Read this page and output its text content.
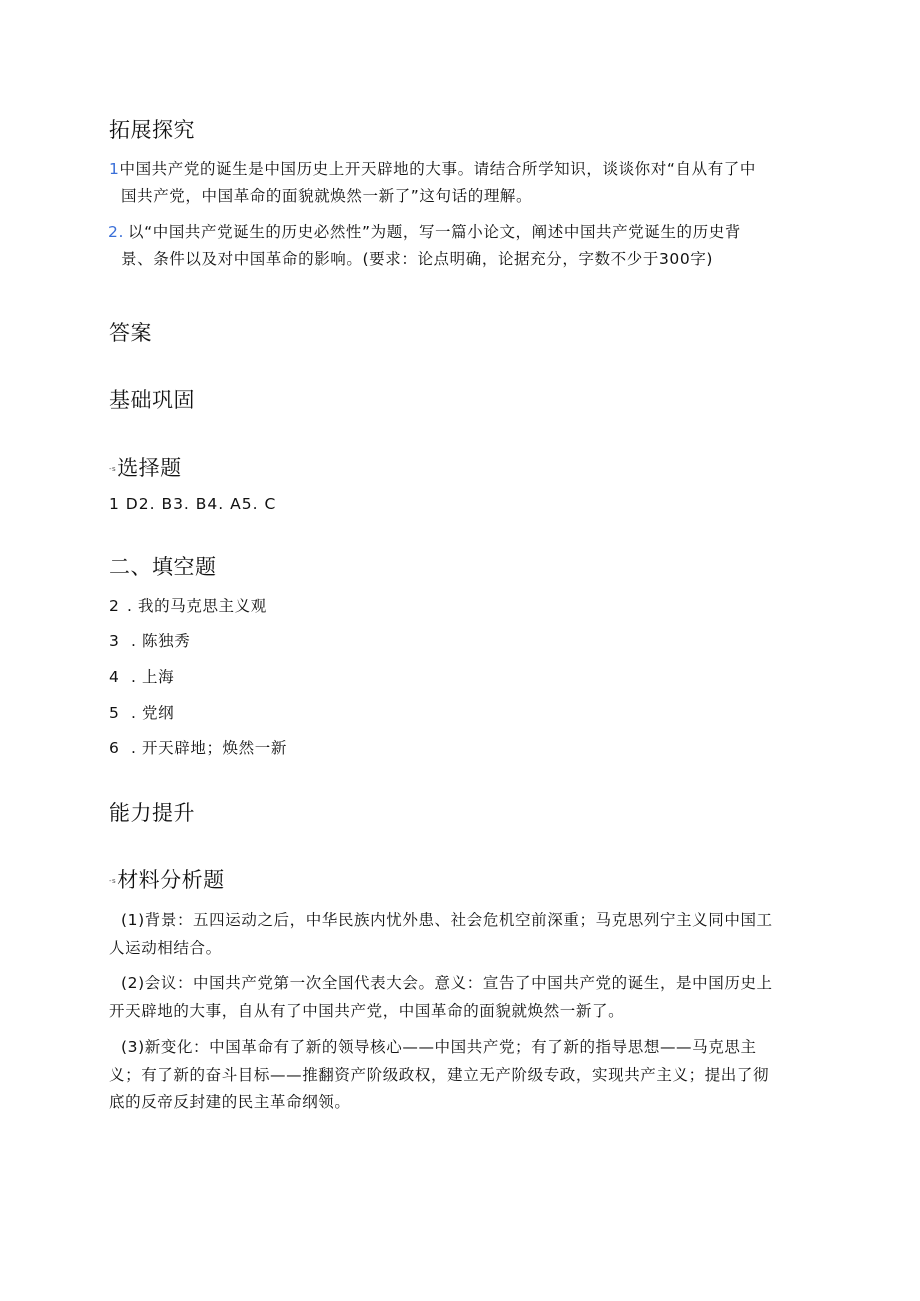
拓展探究
1中国共产党的诞生是中国历史上开天辟地的大事。请结合所学知识，谈谈你对“自从有了中
国共产党，中国革命的面貌就焕然一新了”这句话的理解。
2. 以“中国共产党诞生的历史必然性”为题，写一篇小论文，阐述中国共产党诞生的历史背
景、条件以及对中国革命的影响。(要求：论点明确，论据充分，字数不少于300字)
答案
基础巩固
-s选择题
1 D2. B3. B4. A5. C
二、填空题
2 . 我的马克思主义观
3 . 陈独秀
4 . 上海
5 . 党纲
6 . 开天辟地；焕然一新
能力提升
-s材料分析题
(1)背景：五四运动之后，中华民族内忧外患、社会危机空前深重；马克思列宁主义同中国工
人运动相结合。
(2)会议：中国共产党第一次全国代表大会。意义：宣告了中国共产党的诞生，是中国历史上
开天辟地的大事，自从有了中国共产党，中国革命的面貌就焕然一新了。
(3)新变化：中国革命有了新的领导核心——中国共产党；有了新的指导思想——马克思主
义；有了新的奋斗目标——推翻资产阶级政权，建立无产阶级专政，实现共产主义；提出了彻
底的反帝反封建的民主革命纲领。
